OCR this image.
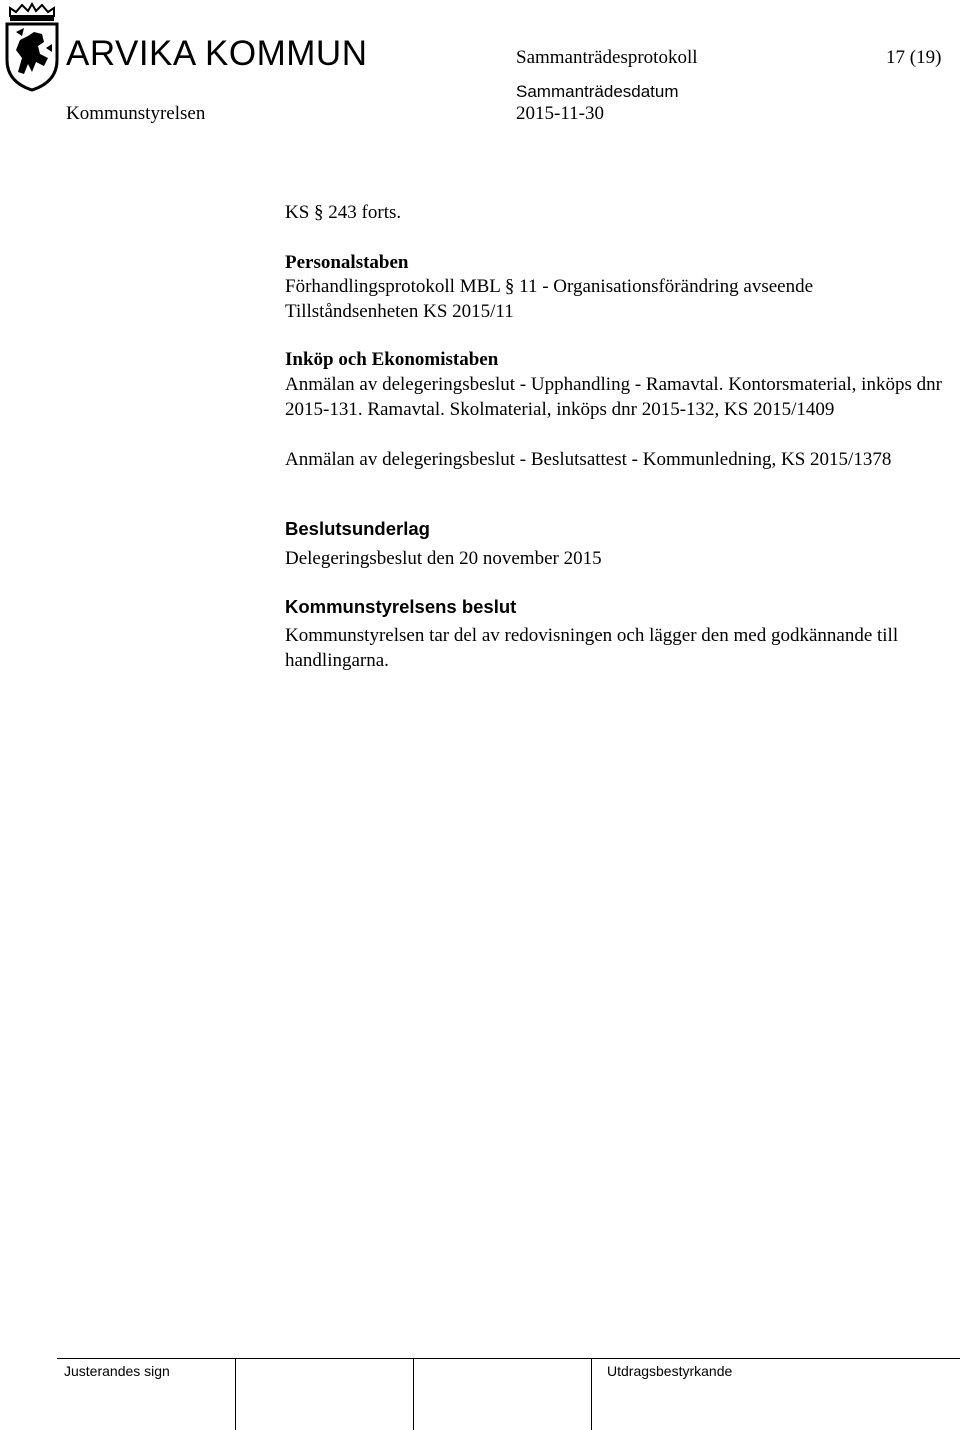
ARVIKA KOMMUN	Sammanträdesprotokoll	17 (19)
Sammanträdesdatum
Kommunstyrelsen	2015-11-30
KS § 243 forts.
Personalstaben
Förhandlingsprotokoll MBL § 11 - Organisationsförändring avseende Tillståndsenheten KS 2015/11
Inköp och Ekonomistaben
Anmälan av delegeringsbeslut - Upphandling - Ramavtal. Kontorsmaterial, inköps dnr 2015-131. Ramavtal. Skolmaterial, inköps dnr 2015-132, KS 2015/1409
Anmälan av delegeringsbeslut - Beslutsattest - Kommunledning, KS 2015/1378
Beslutsunderlag
Delegeringsbeslut den 20 november 2015
Kommunstyrelsens beslut
Kommunstyrelsen tar del av redovisningen och lägger den med godkännande till handlingarna.
Justerandes sign	Utdragsbestyrkande
